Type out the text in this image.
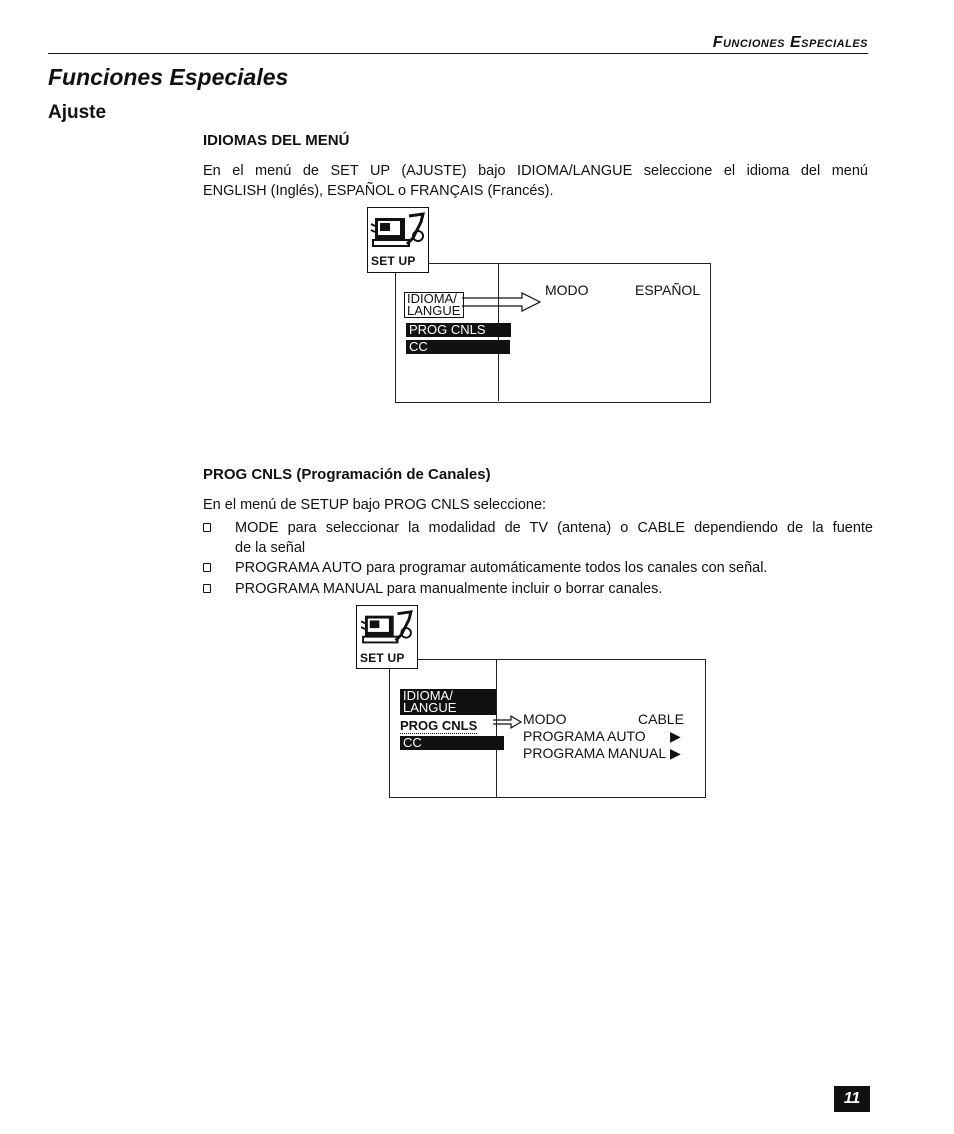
Funciones Especiales
Funciones Especiales
Ajuste
IDIOMAS DEL MENÚ
En el menú de SET UP (AJUSTE) bajo IDIOMA/LANGUE seleccione el idioma del menú
ENGLISH (Inglés), ESPAÑOL o FRANÇAIS (Francés).
SET UP
IDIOMA/
LANGUE
PROG CNLS
CC
MODO	ESPAÑOL
PROG CNLS (Programación de Canales)
En el menú de SETUP bajo PROG CNLS seleccione:
MODE para seleccionar la modalidad de TV (antena) o CABLE dependiendo de la fuente
de la señal
PROGRAMA AUTO para programar automáticamente todos los canales con señal.
PROGRAMA MANUAL para manualmente incluir o borrar canales.
SET UP
IDIOMA/
LANGUE
PROG CNLS
CC
MODO	CABLE
PROGRAMA AUTO ▶
PROGRAMA MANUAL ▶
11
